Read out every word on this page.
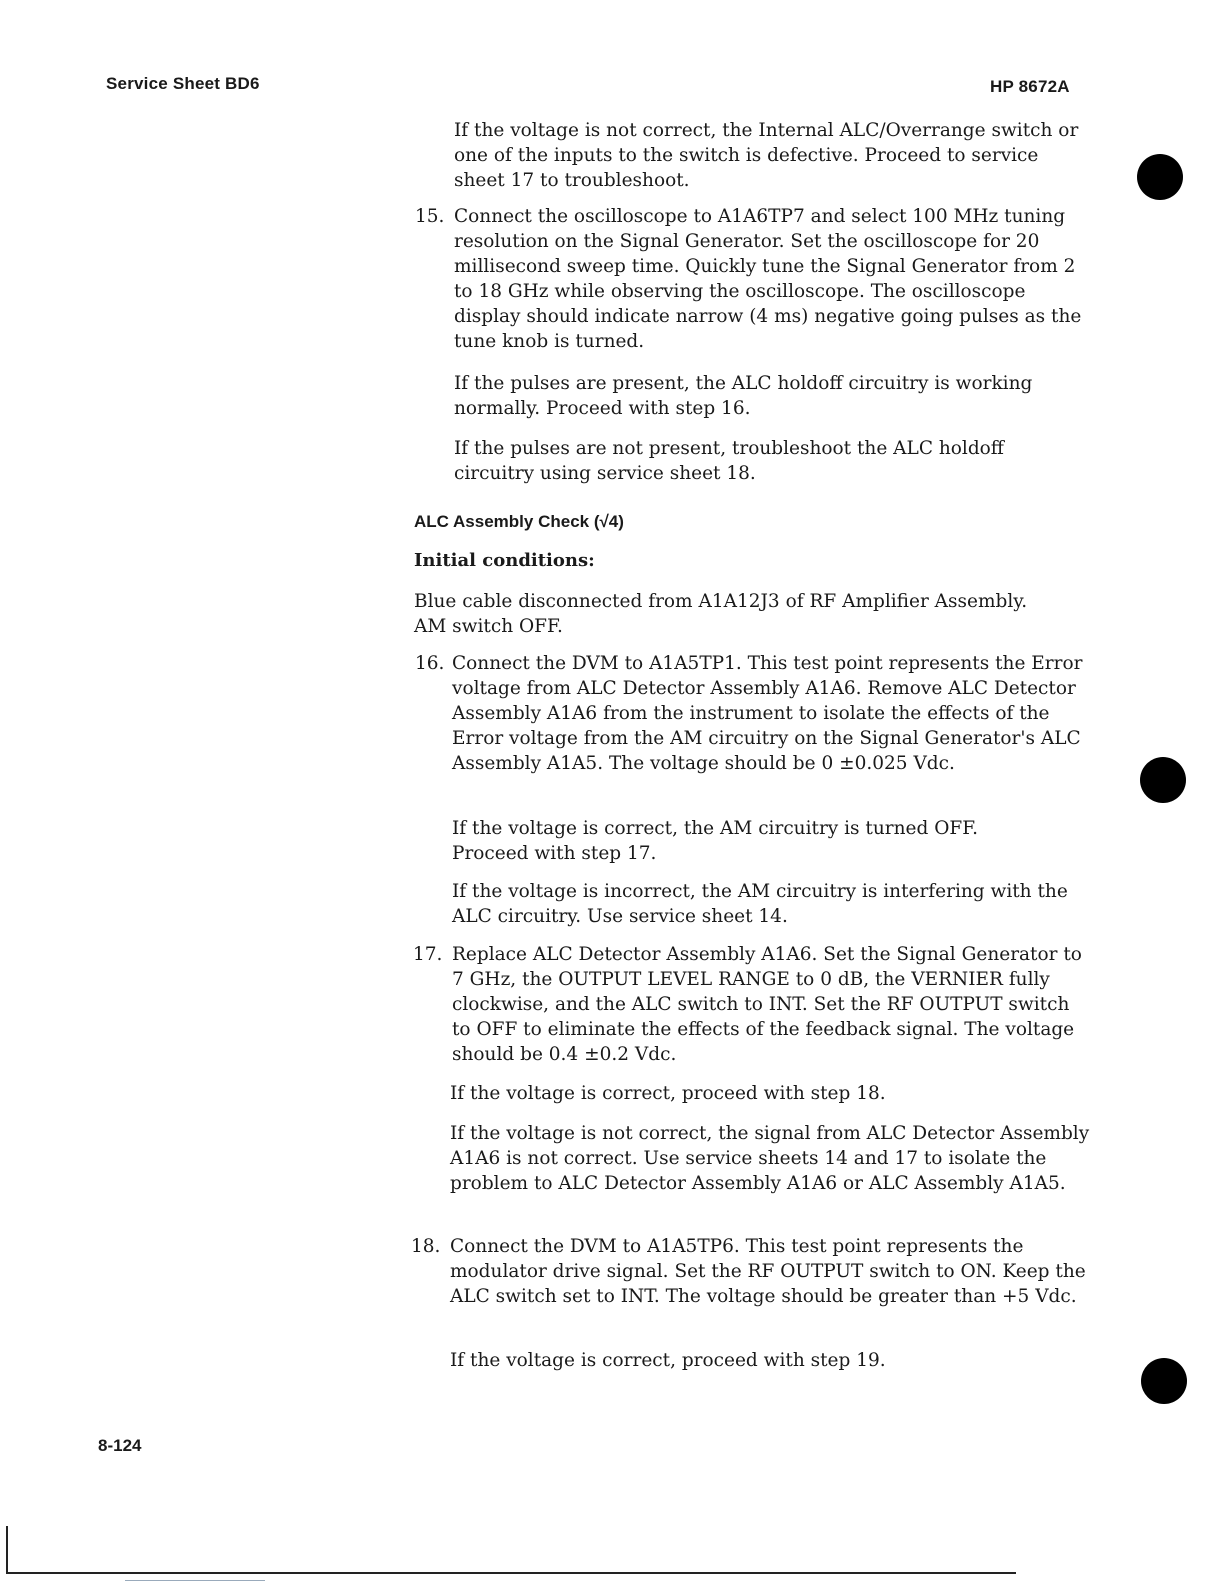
Service Sheet BD6	HP 8672A

If the voltage is not correct, the Internal ALC/Overrange switch or one of the inputs to the switch is defective. Proceed to service sheet 17 to troubleshoot.

15. Connect the oscilloscope to A1A6TP7 and select 100 MHz tuning resolution on the Signal Generator. Set the oscilloscope for 20 millisecond sweep time. Quickly tune the Signal Generator from 2 to 18 GHz while observing the oscilloscope. The oscilloscope display should indicate narrow (4 ms) negative going pulses as the tune knob is turned.

If the pulses are present, the ALC holdoff circuitry is working normally. Proceed with step 16.

If the pulses are not present, troubleshoot the ALC holdoff circuitry using service sheet 18.

ALC Assembly Check (√4)
Initial conditions:

Blue cable disconnected from A1A12J3 of RF Amplifier Assembly. AM switch OFF.

16. Connect the DVM to A1A5TP1. This test point represents the Error voltage from ALC Detector Assembly A1A6. Remove ALC Detector Assembly A1A6 from the instrument to isolate the effects of the Error voltage from the AM circuitry on the Signal Generator's ALC Assembly A1A5. The voltage should be 0 ±0.025 Vdc.

If the voltage is correct, the AM circuitry is turned OFF. Proceed with step 17.

If the voltage is incorrect, the AM circuitry is interfering with the ALC circuitry. Use service sheet 14.

17. Replace ALC Detector Assembly A1A6. Set the Signal Generator to 7 GHz, the OUTPUT LEVEL RANGE to 0 dB, the VERNIER fully clockwise, and the ALC switch to INT. Set the RF OUTPUT switch to OFF to eliminate the effects of the feedback signal. The voltage should be 0.4 ±0.2 Vdc.

If the voltage is correct, proceed with step 18.

If the voltage is not correct, the signal from ALC Detector Assembly A1A6 is not correct. Use service sheets 14 and 17 to isolate the problem to ALC Detector Assembly A1A6 or ALC Assembly A1A5.

18. Connect the DVM to A1A5TP6. This test point represents the modulator drive signal. Set the RF OUTPUT switch to ON. Keep the ALC switch set to INT. The voltage should be greater than +5 Vdc.

If the voltage is correct, proceed with step 19.

8-124
